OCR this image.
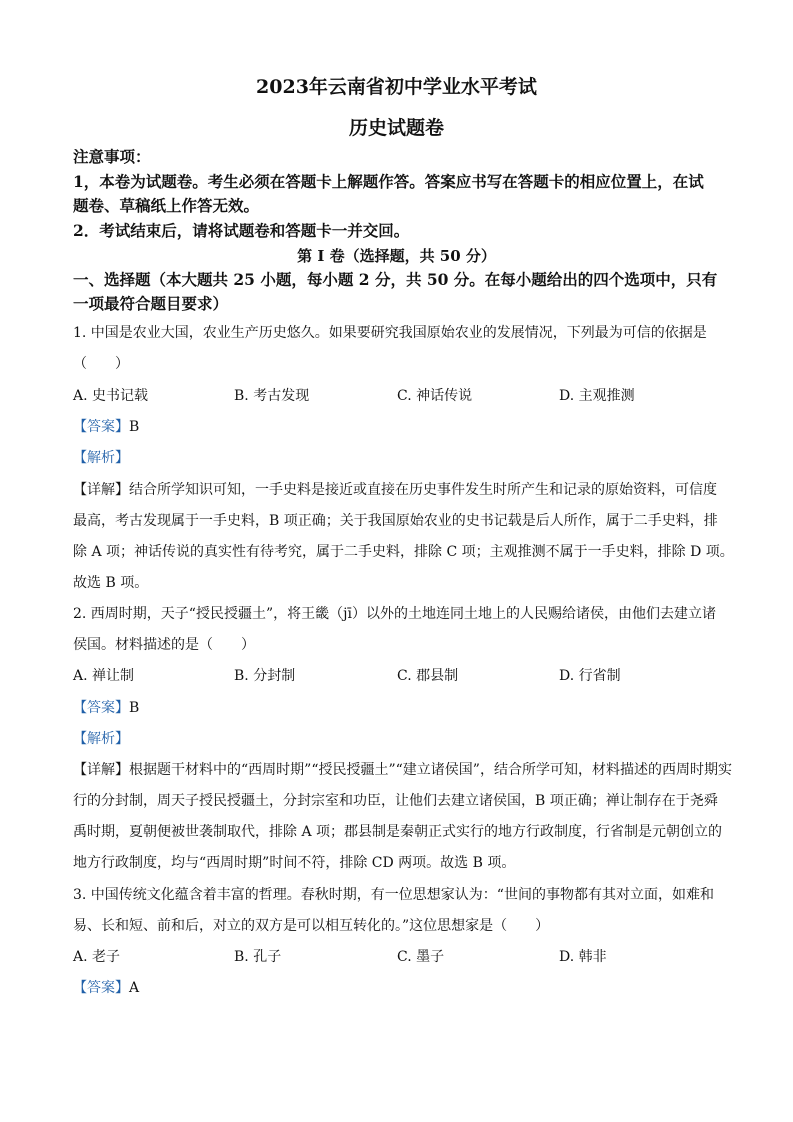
2023年云南省初中学业水平考试
历史试题卷
注意事项：
1，本卷为试题卷。考生必须在答题卡上解题作答。答案应书写在答题卡的相应位置上，在试
题卷、草稿纸上作答无效。
2．考试结束后，请将试题卷和答题卡一并交回。
第 I 卷（选择题，共 50 分）
一、选择题（本大题共 25 小题，每小题 2 分，共 50 分。在每小题给出的四个选项中，只有
一项最符合题目要求）
1. 中国是农业大国，农业生产历史悠久。如果要研究我国原始农业的发展情况，下列最为可信的依据是
（　　）
A. 史书记载	B. 考古发现	C. 神话传说	D. 主观推测
【答案】B
【解析】
【详解】结合所学知识可知，一手史料是接近或直接在历史事件发生时所产生和记录的原始资料，可信度
最高，考古发现属于一手史料，B 项正确；关于我国原始农业的史书记载是后人所作，属于二手史料，排
除 A 项；神话传说的真实性有待考究，属于二手史料，排除 C 项；主观推测不属于一手史料，排除 D 项。
故选 B 项。
2. 西周时期，天子“授民授疆土”，将王畿（jī）以外的土地连同土地上的人民赐给诸侯，由他们去建立诸
侯国。材料描述的是（　　）
A. 禅让制	B. 分封制	C. 郡县制	D. 行省制
【答案】B
【解析】
【详解】根据题干材料中的“西周时期”“授民授疆土”“建立诸侯国”，结合所学可知，材料描述的西周时期实
行的分封制，周天子授民授疆土，分封宗室和功臣，让他们去建立诸侯国，B 项正确；禅让制存在于尧舜
禹时期，夏朝便被世袭制取代，排除 A 项；郡县制是秦朝正式实行的地方行政制度，行省制是元朝创立的
地方行政制度，均与“西周时期”时间不符，排除 CD 两项。故选 B 项。
3. 中国传统文化蕴含着丰富的哲理。春秋时期，有一位思想家认为：“世间的事物都有其对立面，如难和
易、长和短、前和后，对立的双方是可以相互转化的。”这位思想家是（　　）
A. 老子	B. 孔子	C. 墨子	D. 韩非
【答案】A
